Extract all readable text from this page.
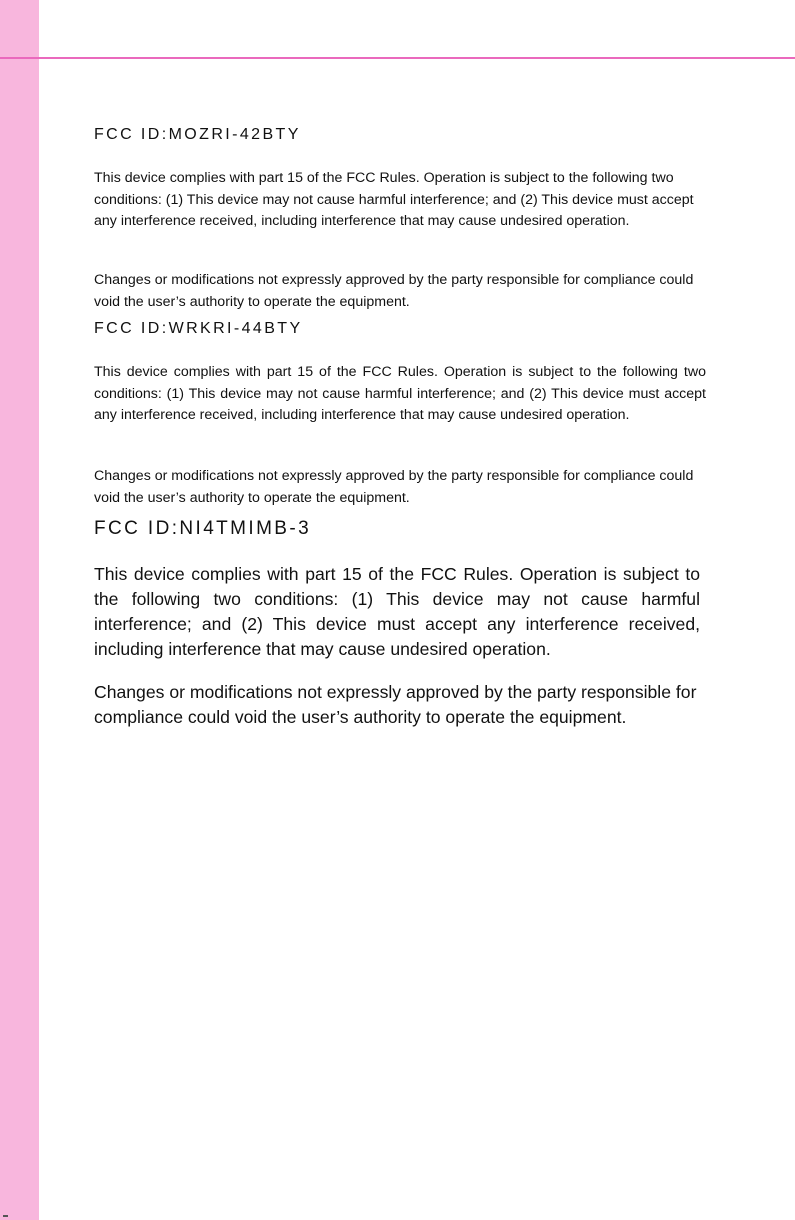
FCC ID:MOZRI-42BTY

This device complies with part 15 of the FCC Rules. Operation is subject to the following two conditions: (1) This device may not cause harmful interference; and (2) This device must accept any interference received, including interference that may cause undesired operation.

Changes or modifications not expressly approved by the party responsible for compliance could void the user’s authority to operate the equipment.

FCC ID:WRKRI-44BTY

This device complies with part 15 of the FCC Rules. Operation is subject to the following two conditions: (1) This device may not cause harmful interference; and (2) This device must accept any interference received, including interference that may cause undesired operation.

Changes or modifications not expressly approved by the party responsible for compliance could void the user’s authority to operate the equipment.

FCC ID:NI4TMIMB-3

This device complies with part 15 of the FCC Rules. Operation is subject to the following two conditions: (1) This device may not cause harmful interference; and (2) This device must accept any interference received, including interference that may cause undesired operation.

Changes or modifications not expressly approved by the party responsible for compliance could void the user’s authority to operate the equipment.
